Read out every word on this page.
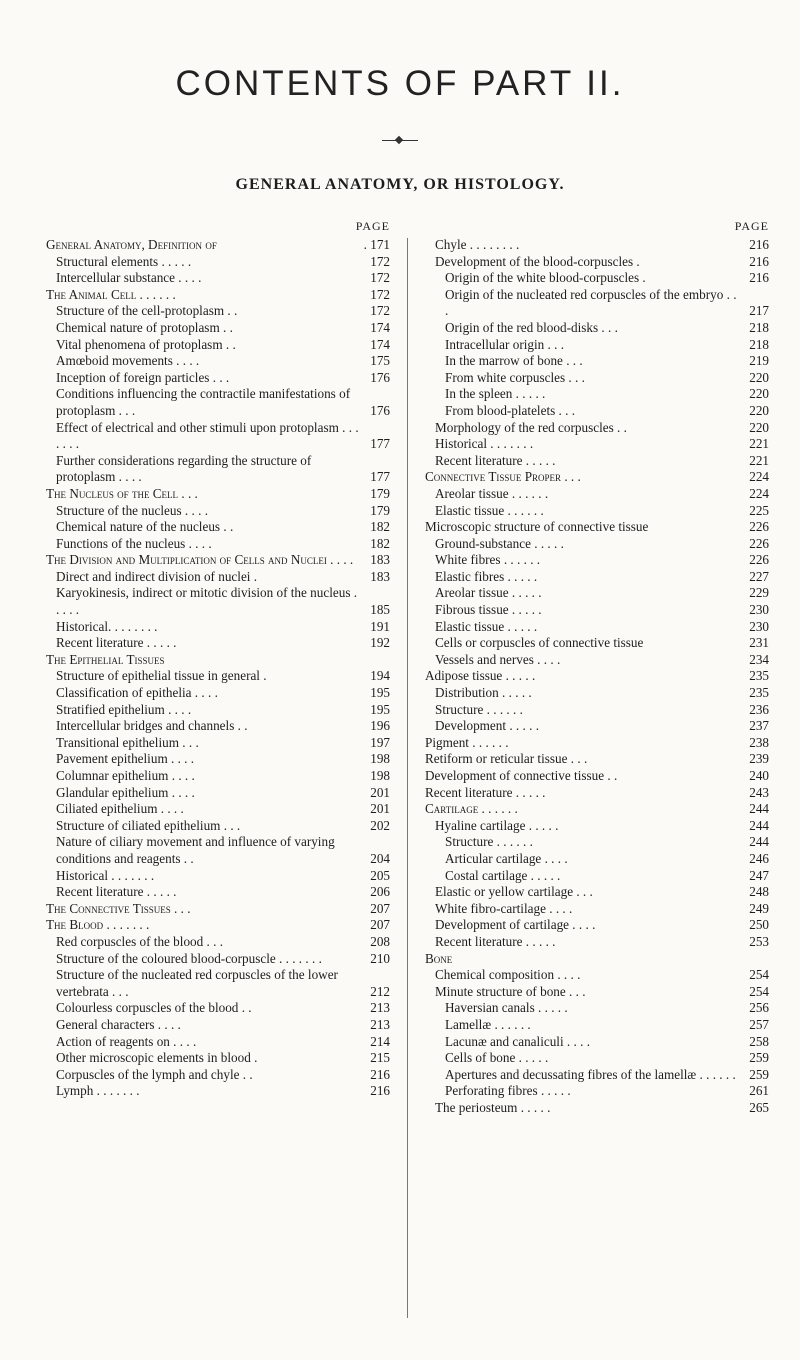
CONTENTS OF PART II.
GENERAL ANATOMY, OR HISTOLOGY.
PAGE
General Anatomy, Definition of	. 171
Structural elements . . . . .	172
Intercellular substance . . . .	172
The Animal Cell . . . . . .	172
Structure of the cell-protoplasm . .	172
Chemical nature of protoplasm . .	174
Vital phenomena of protoplasm . .	174
Amœboid movements . . . .	175
Inception of foreign particles . . .	176
Conditions influencing the contractile manifestations of protoplasm . . .	176
Effect of electrical and other stimuli upon protoplasm . . . . . . .	177
Further considerations regarding the structure of protoplasm . . . .	177
The Nucleus of the Cell . . .	179
Structure of the nucleus . . . .	179
Chemical nature of the nucleus . .	182
Functions of the nucleus . . . .	182
The Division and Multiplication of Cells and Nuclei . . . .	183
Direct and indirect division of nuclei .	183
Karyokinesis, indirect or mitotic division of the nucleus . . . . .	185
Historical. . . . . . . .	191
Recent literature . . . . .	192
The Epithelial Tissues
Structure of epithelial tissue in general .	194
Classification of epithelia . . . .	195
Stratified epithelium . . . .	195
Intercellular bridges and channels . .	196
Transitional epithelium . . .	197
Pavement epithelium . . . .	198
Columnar epithelium . . . .	198
Glandular epithelium . . . .	201
Ciliated epithelium . . . .	201
Structure of ciliated epithelium . . .	202
Nature of ciliary movement and influence of varying conditions and reagents . .	204
Historical . . . . . . .	205
Recent literature . . . . .	206
The Connective Tissues . . .	207
The Blood . . . . . . .	207
Red corpuscles of the blood . . .	208
Structure of the coloured blood-corpuscle . . . . . . .	210
Structure of the nucleated red corpuscles of the lower vertebrata . . .	212
Colourless corpuscles of the blood . .	213
General characters . . . .	213
Action of reagents on . . . .	214
Other microscopic elements in blood .	215
Corpuscles of the lymph and chyle . .	216
Lymph . . . . . . .	216
PAGE
Chyle . . . . . . . .	216
Development of the blood-corpuscles .	216
Origin of the white blood-corpuscles .	216
Origin of the nucleated red corpuscles of the embryo . . .	217
Origin of the red blood-disks . . .	218
Intracellular origin . . .	218
In the marrow of bone . . .	219
From white corpuscles . . .	220
In the spleen . . . . .	220
From blood-platelets . . .	220
Morphology of the red corpuscles . .	220
Historical . . . . . . .	221
Recent literature . . . . .	221
Connective Tissue Proper . . .	224
Areolar tissue . . . . . .	224
Elastic tissue . . . . . .	225
Microscopic structure of connective tissue	226
Ground-substance . . . . .	226
White fibres . . . . . .	226
Elastic fibres . . . . .	227
Areolar tissue . . . . .	229
Fibrous tissue . . . . .	230
Elastic tissue . . . . .	230
Cells or corpuscles of connective tissue	231
Vessels and nerves . . . .	234
Adipose tissue . . . . .	235
Distribution . . . . .	235
Structure . . . . . .	236
Development . . . . .	237
Pigment . . . . . .	238
Retiform or reticular tissue . . .	239
Development of connective tissue . .	240
Recent literature . . . . .	243
Cartilage . . . . . .	244
Hyaline cartilage . . . . .	244
Structure . . . . . .	244
Articular cartilage . . . .	246
Costal cartilage . . . . .	247
Elastic or yellow cartilage . . .	248
White fibro-cartilage . . . .	249
Development of cartilage . . . .	250
Recent literature . . . . .	253
Bone
Chemical composition . . . .	254
Minute structure of bone . . .	254
Haversian canals . . . . .	256
Lamellæ . . . . . .	257
Lacunæ and canaliculi . . . .	258
Cells of bone . . . . .	259
Apertures and decussating fibres of the lamellæ . . . . . .	259
Perforating fibres . . . . .	261
The periosteum . . . . .	265
